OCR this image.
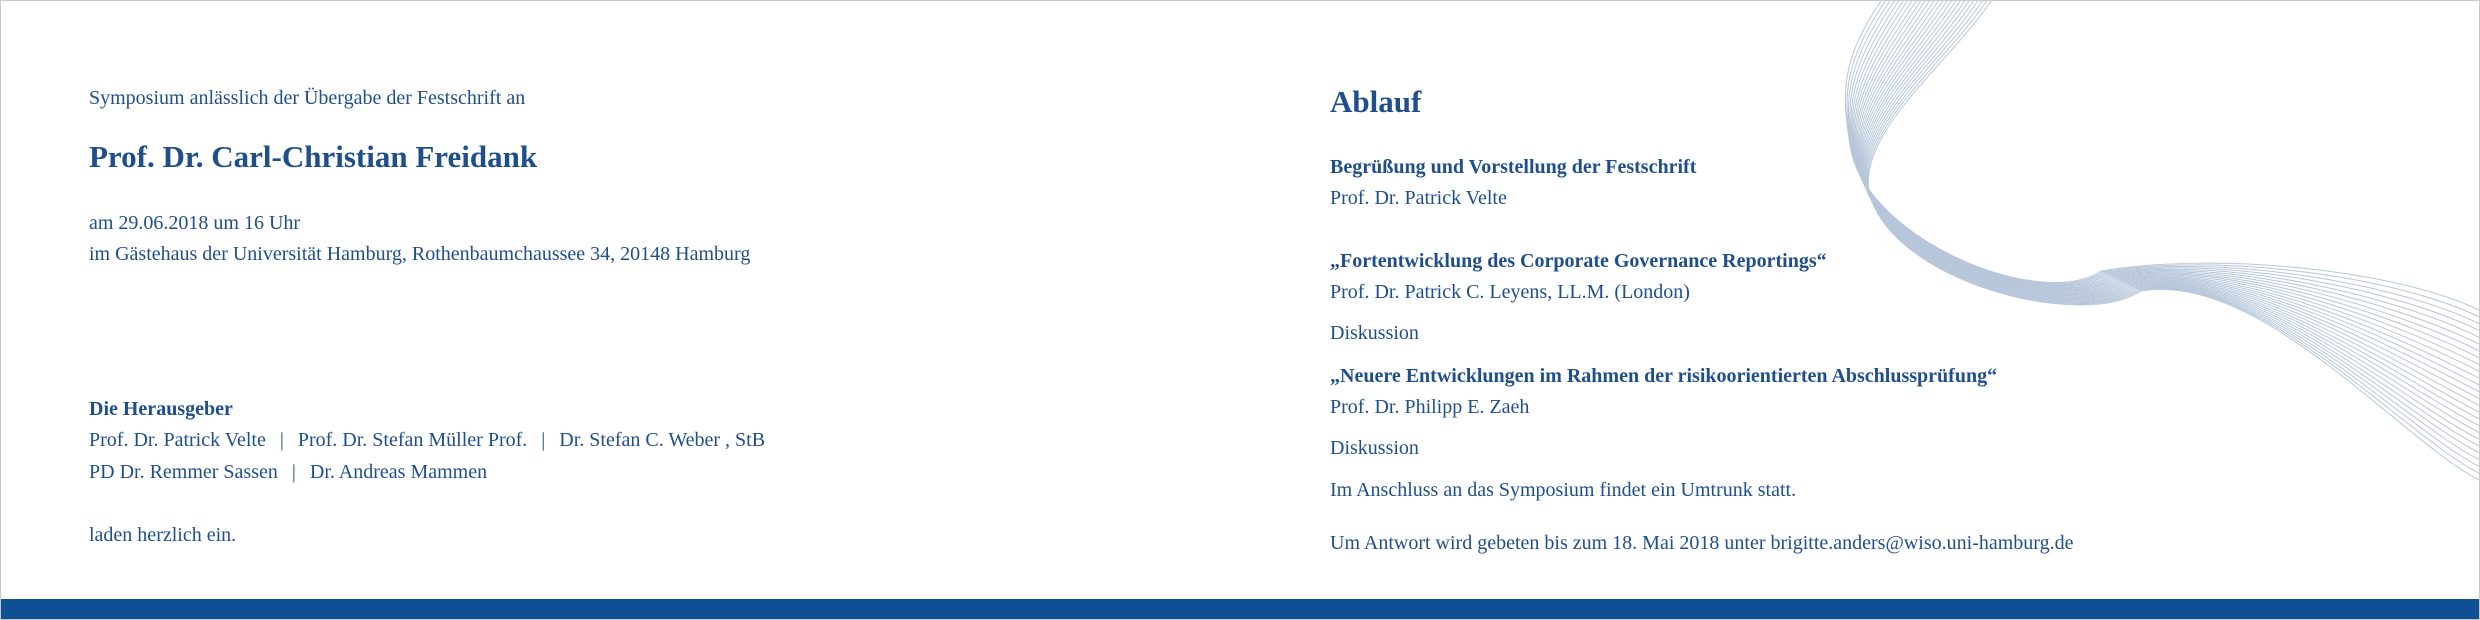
Symposium anlässlich der Übergabe der Festschrift an
Prof. Dr. Carl-Christian Freidank
am 29.06.2018 um 16 Uhr
im Gästehaus der Universität Hamburg, Rothenbaumchaussee 34, 20148 Hamburg
Die Herausgeber
Prof. Dr. Patrick Velte | Prof. Dr. Stefan Müller Prof. | Dr. Stefan C. Weber , StB
PD Dr. Remmer Sassen | Dr. Andreas Mammen
laden herzlich ein.
Ablauf
Begrüßung und Vorstellung der Festschrift
Prof. Dr. Patrick Velte
„Fortentwicklung des Corporate Governance Reportings“
Prof. Dr. Patrick C. Leyens, LL.M. (London)
Diskussion
„Neuere Entwicklungen im Rahmen der risikoorientierten Abschlussprüfung“
Prof. Dr. Philipp E. Zaeh
Diskussion
Im Anschluss an das Symposium findet ein Umtrunk statt.
Um Antwort wird gebeten bis zum 18. Mai 2018 unter brigitte.anders@wiso.uni-hamburg.de
